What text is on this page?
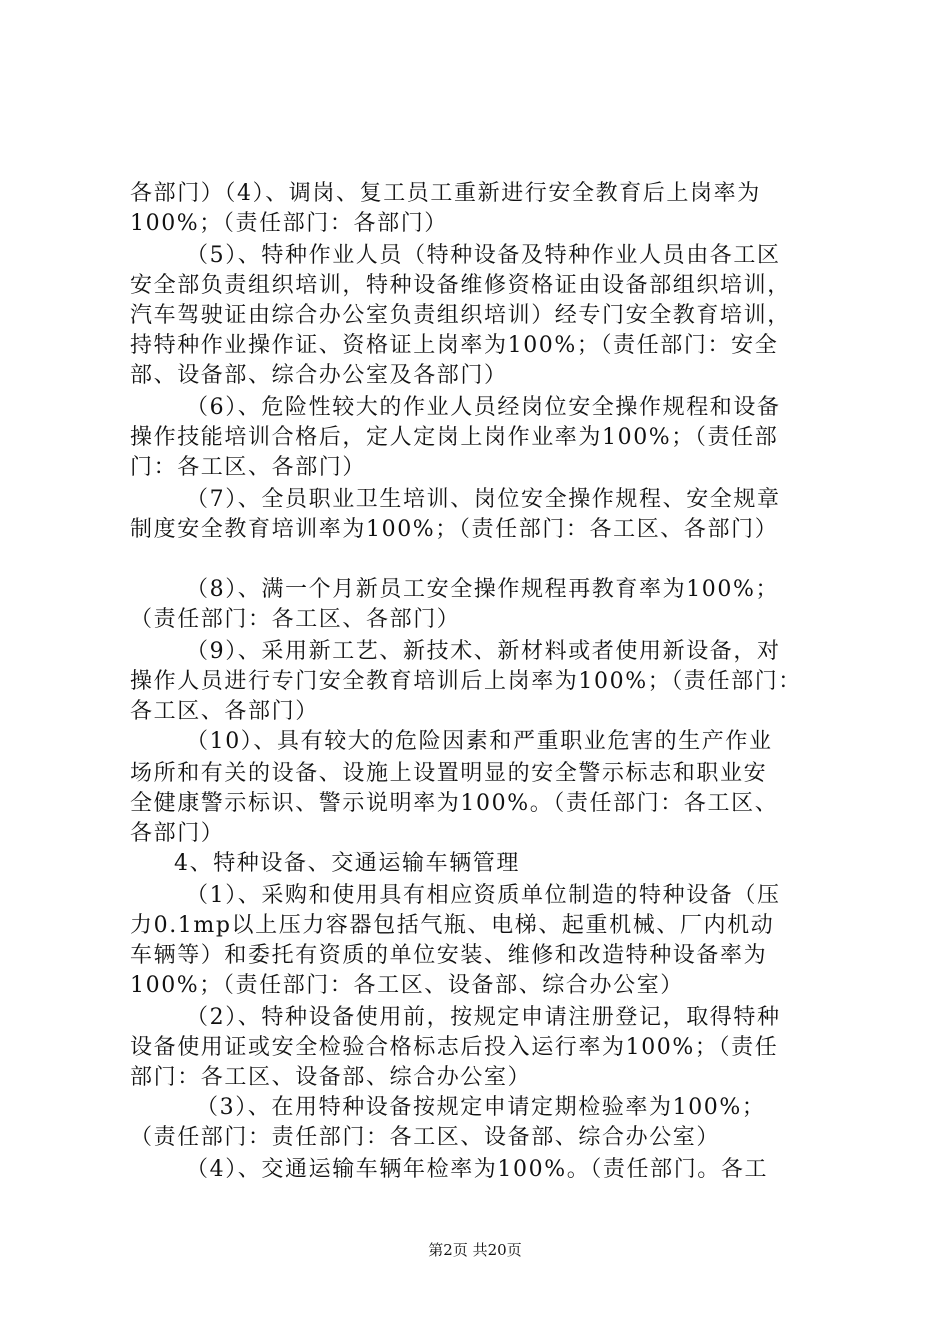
各部门）（4）、调岗、复工员工重新进行安全教育后上岗率为
100%；（责任部门：各部门）
（5）、特种作业人员（特种设备及特种作业人员由各工区
安全部负责组织培训，特种设备维修资格证由设备部组织培训，
汽车驾驶证由综合办公室负责组织培训）经专门安全教育培训，
持特种作业操作证、资格证上岗率为100%；（责任部门：安全
部、设备部、综合办公室及各部门）
（6）、危险性较大的作业人员经岗位安全操作规程和设备
操作技能培训合格后，定人定岗上岗作业率为100%；（责任部
门：各工区、各部门）
（7）、全员职业卫生培训、岗位安全操作规程、安全规章
制度安全教育培训率为100%；（责任部门：各工区、各部门）
（8）、满一个月新员工安全操作规程再教育率为100%；
（责任部门：各工区、各部门）
（9）、采用新工艺、新技术、新材料或者使用新设备，对
操作人员进行专门安全教育培训后上岗率为100%；（责任部门：
各工区、各部门）
（10）、具有较大的危险因素和严重职业危害的生产作业
场所和有关的设备、设施上设置明显的安全警示标志和职业安
全健康警示标识、警示说明率为100%。（责任部门：各工区、
各部门）
4、特种设备、交通运输车辆管理
（1）、采购和使用具有相应资质单位制造的特种设备（压
力0.1mp以上压力容器包括气瓶、电梯、起重机械、厂内机动
车辆等）和委托有资质的单位安装、维修和改造特种设备率为
100%；（责任部门：各工区、设备部、综合办公室）
（2）、特种设备使用前，按规定申请注册登记，取得特种
设备使用证或安全检验合格标志后投入运行率为100%；（责任
部门：各工区、设备部、综合办公室）
（3）、在用特种设备按规定申请定期检验率为100%；
（责任部门：责任部门：各工区、设备部、综合办公室）
（4）、交通运输车辆年检率为100%。（责任部门。各工
第2页 共20页
